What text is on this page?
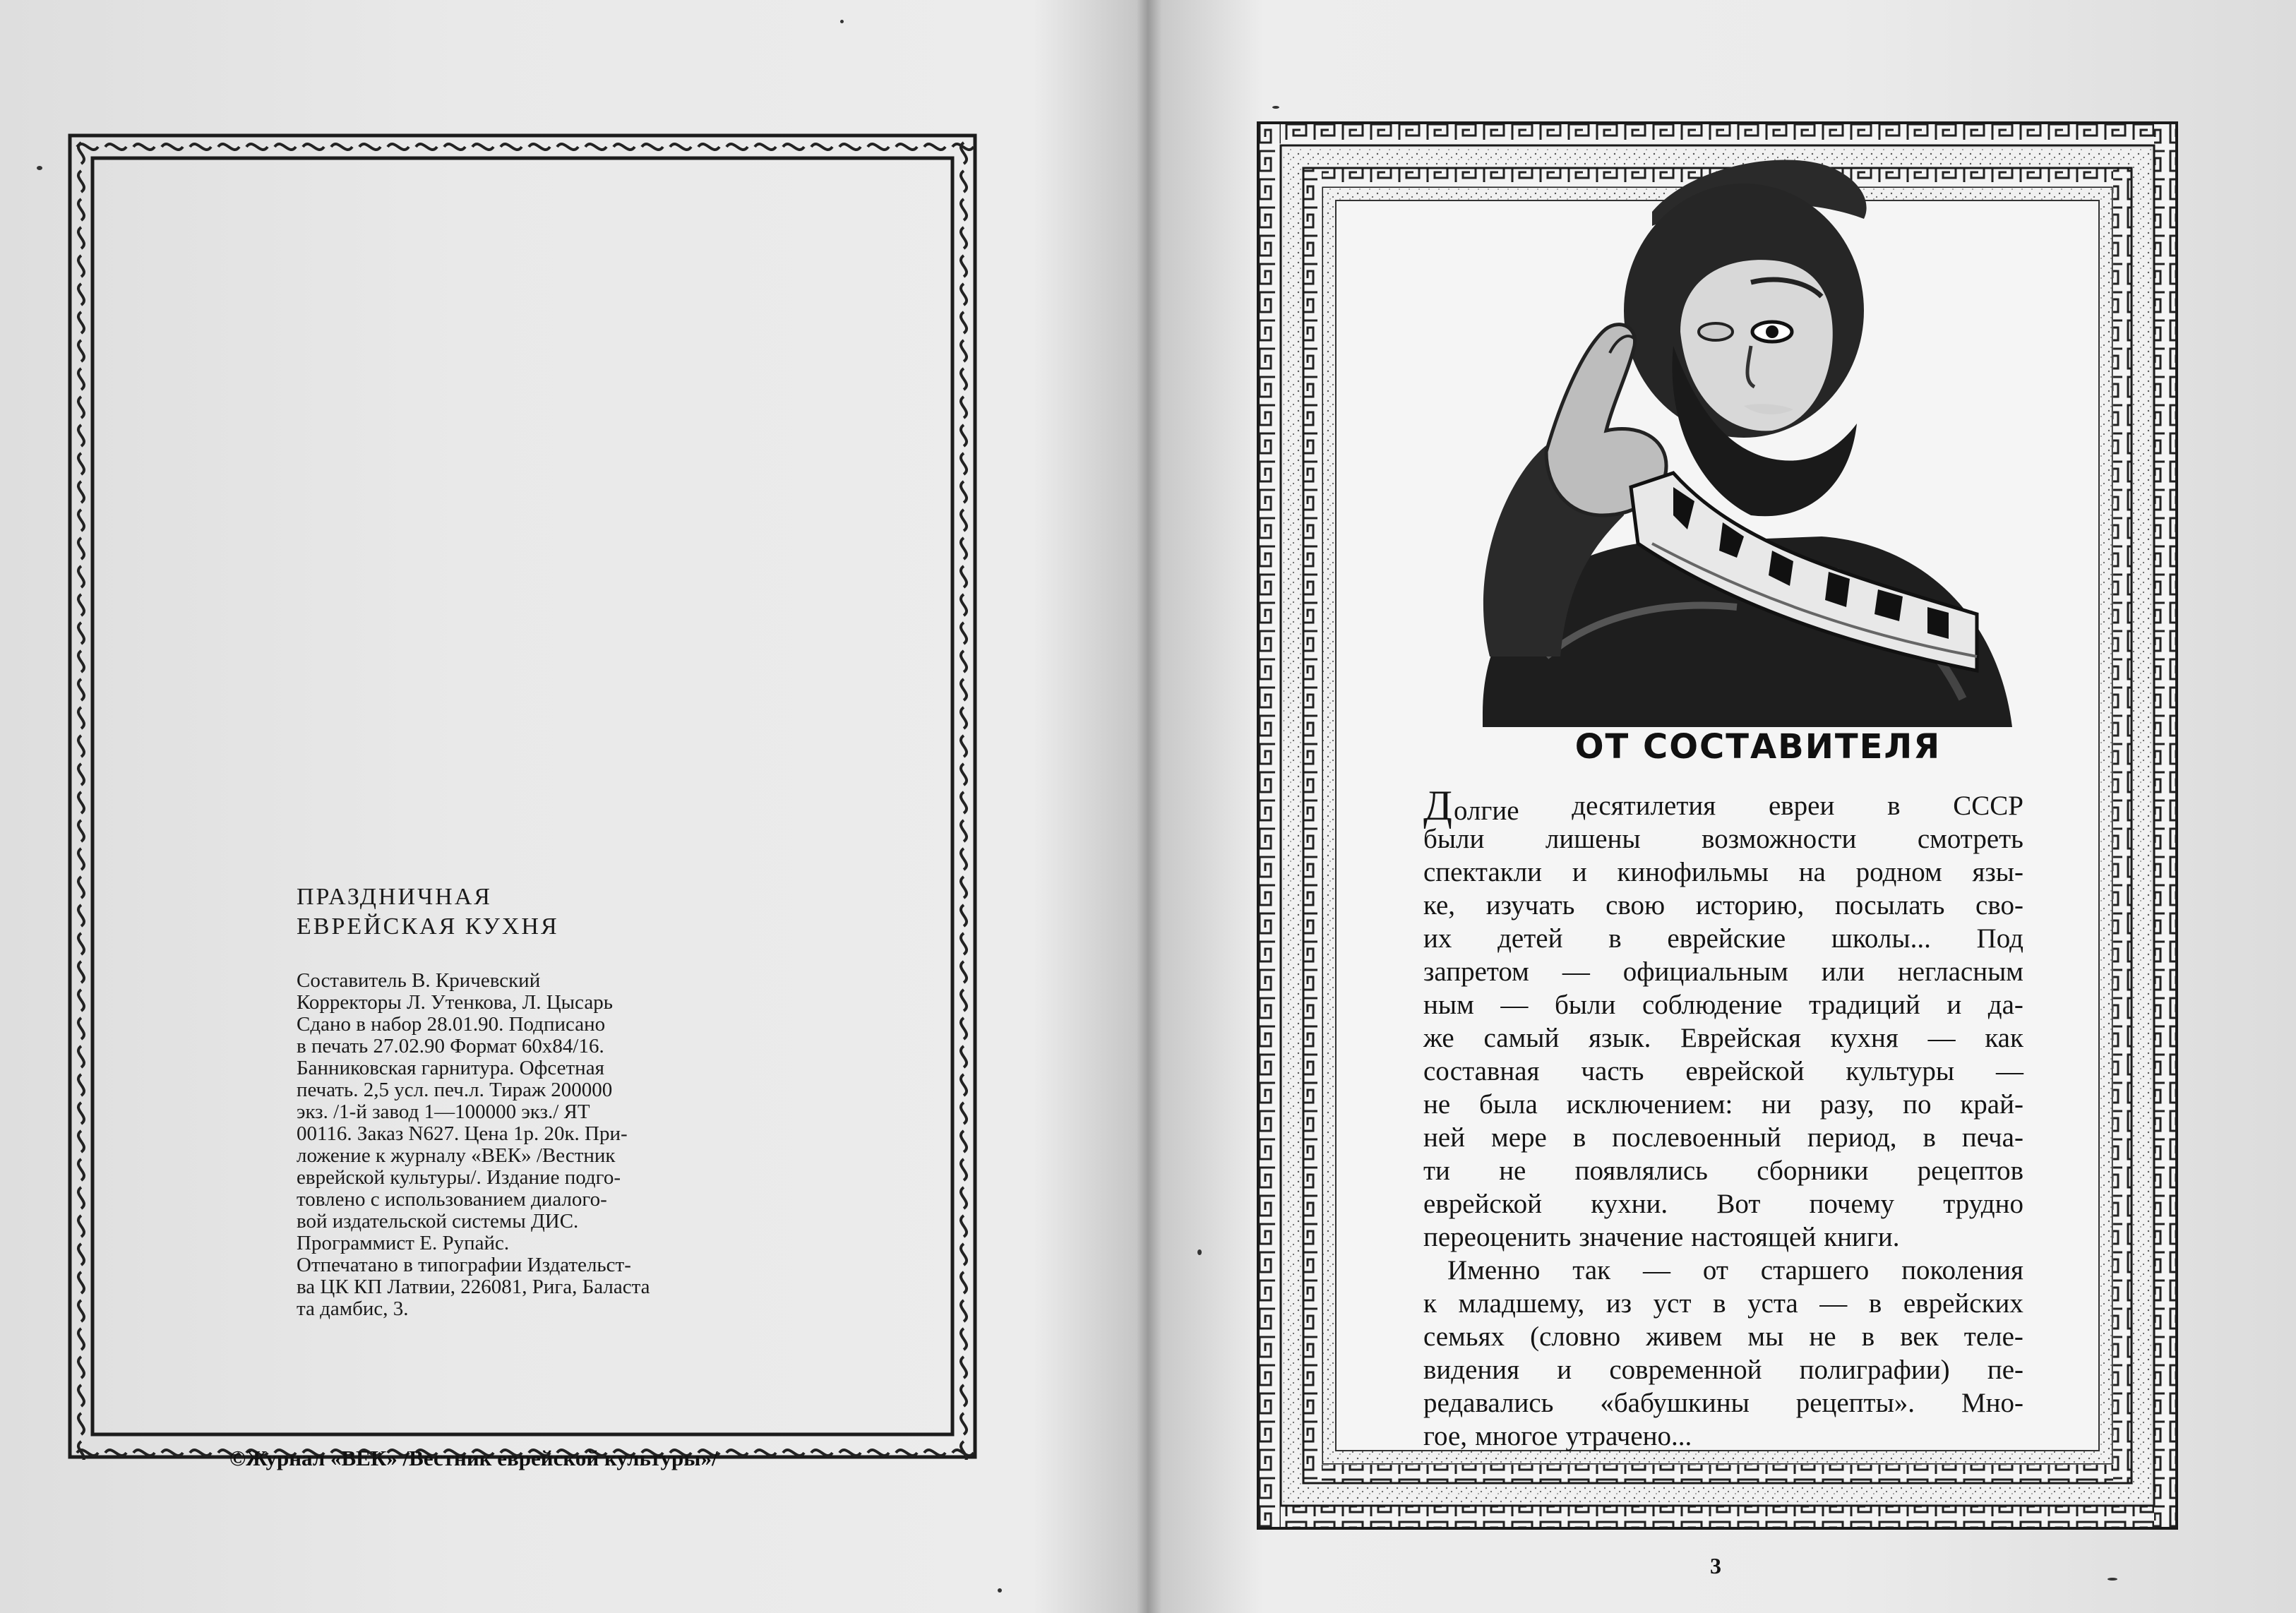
ПРАЗДНИЧНАЯ
ЕВРЕЙСКАЯ КУХНЯ
Составитель В. Кричевский
Корректоры Л. Утенкова, Л. Цысарь
Сдано в набор 28.01.90. Подписано
в печать 27.02.90 Формат 60х84/16.
Банниковская гарнитура. Офсетная
печать. 2,5 усл. печ.л. Тираж 200000
экз. /1-й завод 1—100000 экз./ ЯТ
00116. Заказ N627. Цена 1р. 20к. При-
ложение к журналу «ВЕК» /Вестник
еврейской культуры/. Издание подго-
товлено с использованием диалого-
вой издательской системы ДИС.
Программист Е. Рупайс.
Отпечатано в типографии Издательст-
ва ЦК КП Латвии, 226081, Рига, Баласта
та дамбис, 3.
©Журнал «ВЕК» /Вестник еврейской культуры»/
ОТ СОСТАВИТЕЛЯ
Долгие десятилетия евреи в СССР
были лишены возможности смотреть
спектакли и кинофильмы на родном язы-
ке, изучать свою историю, посылать сво-
их детей в еврейские школы... Под
запретом — официальным или негласным
ным — были соблюдение традиций и да-
же самый язык. Еврейская кухня — как
составная часть еврейской культуры —
не была исключением: ни разу, по край-
ней мере в послевоенный период, в печа-
ти не появлялись сборники рецептов
еврейской кухни. Вот почему трудно
переоценить значение настоящей книги.
Именно так — от старшего поколения
к младшему, из уст в уста — в еврейских
семьях (словно живем мы не в век теле-
видения и современной полиграфии) пе-
редавались «бабушкины рецепты». Мно-
гое, многое утрачено...
3
